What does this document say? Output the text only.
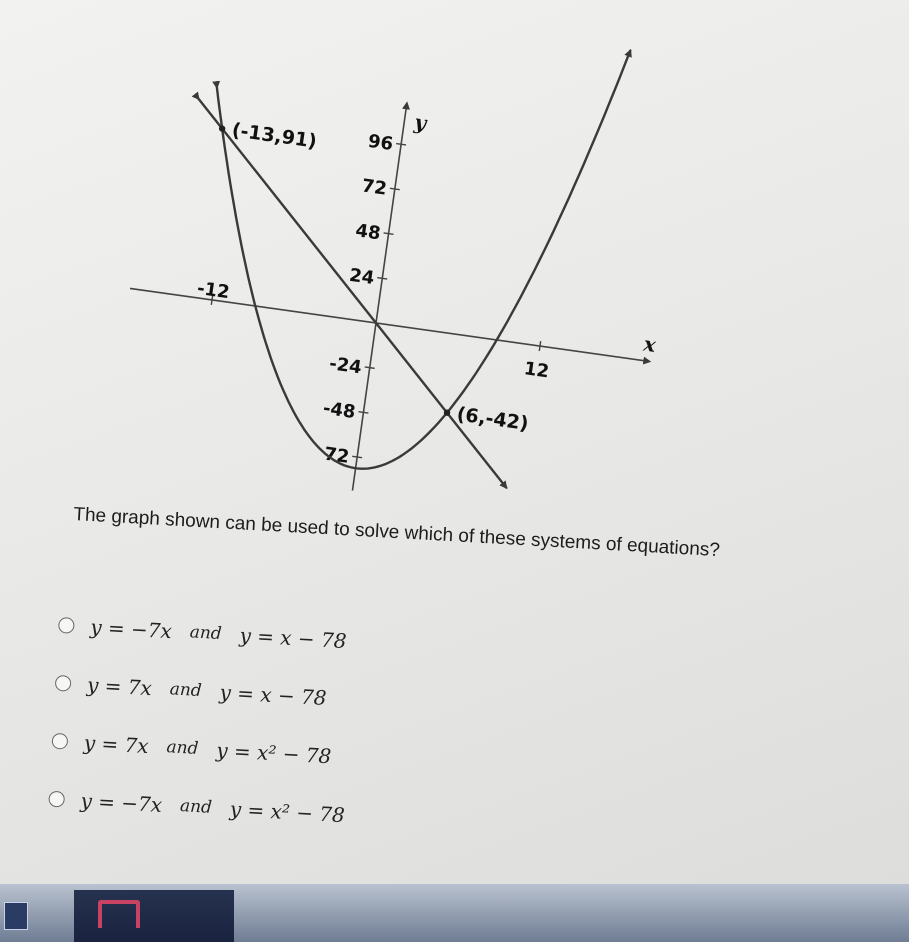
-12
12
96
72
48
24
-24
-48
72
x
y
(-13,91)
(6,-42)
The graph shown can be used to solve which of these systems of equations?
y = −7x and y = x − 78
y = 7x and y = x − 78
y = 7x and y = x² − 78
y = −7x and y = x² − 78
